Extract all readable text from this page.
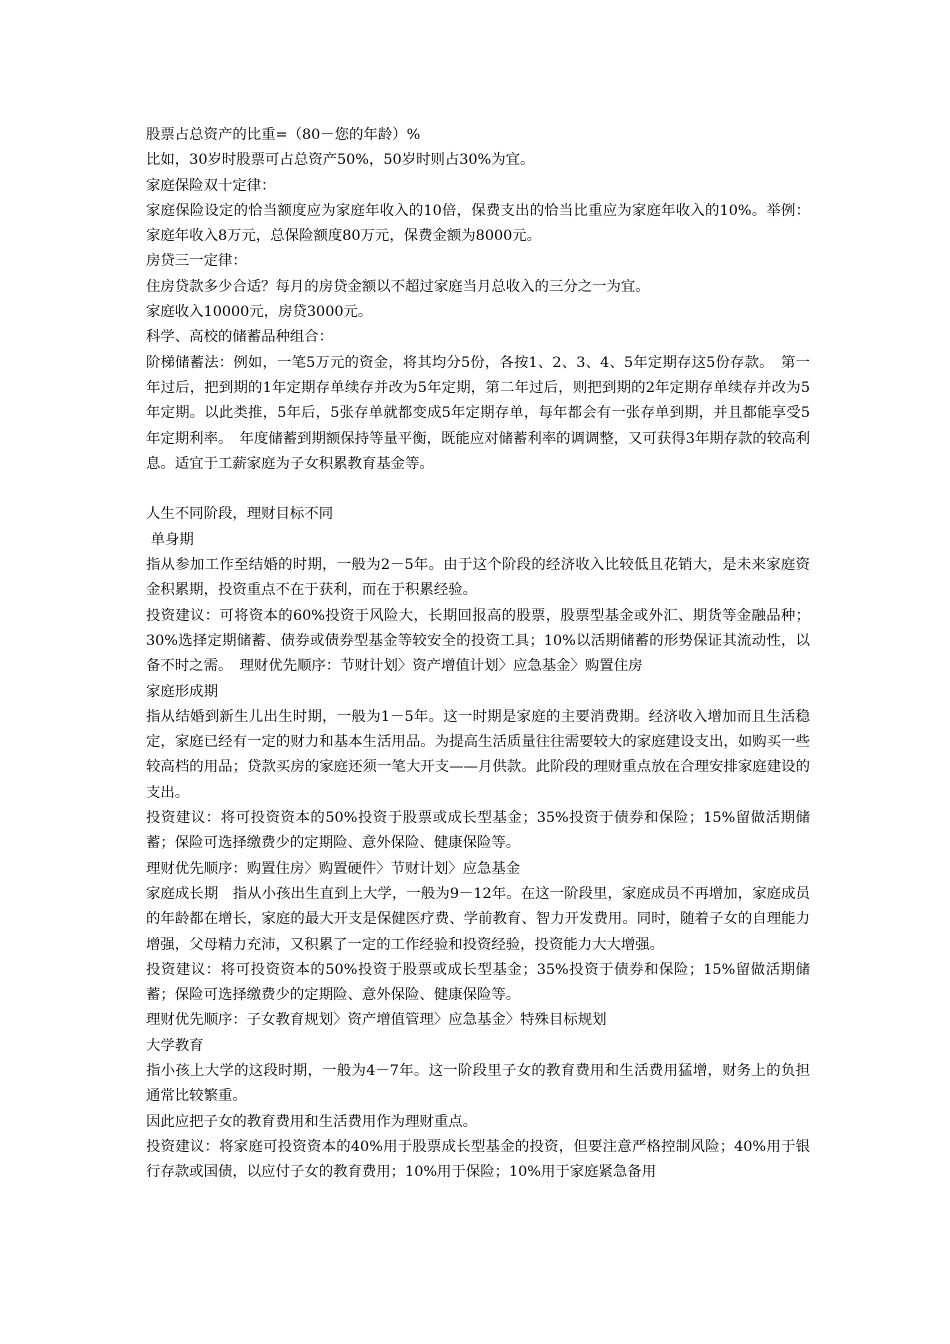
股票占总资产的比重=（80－您的年龄）%

比如，30岁时股票可占总资产50%，50岁时则占30%为宜。

家庭保险双十定律：

家庭保险设定的恰当额度应为家庭年收入的10倍，保费支出的恰当比重应为家庭年收入的10%。举例：家庭年收入8万元，总保险额度80万元，保费金额为8000元。

房贷三一定律：

住房贷款多少合适？每月的房贷金额以不超过家庭当月总收入的三分之一为宜。

家庭收入10000元，房贷3000元。

科学、高校的储蓄品种组合：

阶梯储蓄法：例如，一笔5万元的资金，将其均分5份，各按1、2、3、4、5年定期存这5份存款。　第一年过后，把到期的1年定期存单续存并改为5年定期，第二年过后，则把到期的2年定期存单续存并改为5年定期。以此类推，5年后，5张存单就都变成5年定期存单，每年都会有一张存单到期，并且都能享受5年定期利率。　年度储蓄到期额保持等量平衡，既能应对储蓄利率的调调整，又可获得3年期存款的较高利息。适宜于工薪家庭为子女积累教育基金等。

人生不同阶段，理财目标不同

单身期

指从参加工作至结婚的时期，一般为2－5年。由于这个阶段的经济收入比较低且花销大，是未来家庭资金积累期，投资重点不在于获利，而在于积累经验。

投资建议：可将资本的60%投资于风险大，长期回报高的股票，股票型基金或外汇、期货等金融品种；30%选择定期储蓄、债券或债券型基金等较安全的投资工具；10%以活期储蓄的形势保证其流动性，以备不时之需。　理财优先顺序：节财计划〉资产增值计划〉应急基金〉购置住房

家庭形成期

指从结婚到新生儿出生时期，一般为1－5年。这一时期是家庭的主要消费期。经济收入增加而且生活稳定，家庭已经有一定的财力和基本生活用品。为提高生活质量往往需要较大的家庭建设支出，如购买一些较高档的用品；贷款买房的家庭还须一笔大开支——月供款。此阶段的理财重点放在合理安排家庭建设的支出。

投资建议：将可投资资本的50%投资于股票或成长型基金；35%投资于债券和保险；15%留做活期储蓄；保险可选择缴费少的定期险、意外保险、健康保险等。

理财优先顺序：购置住房〉购置硬件〉节财计划〉应急基金

家庭成长期　指从小孩出生直到上大学，一般为9－12年。在这一阶段里，家庭成员不再增加，家庭成员的年龄都在增长，家庭的最大开支是保健医疗费、学前教育、智力开发费用。同时，随着子女的自理能力增强，父母精力充沛，又积累了一定的工作经验和投资经验，投资能力大大增强。

投资建议：将可投资资本的50%投资于股票或成长型基金；35%投资于债券和保险；15%留做活期储蓄；保险可选择缴费少的定期险、意外保险、健康保险等。

理财优先顺序：子女教育规划〉资产增值管理〉应急基金〉特殊目标规划

大学教育

指小孩上大学的这段时期，一般为4－7年。这一阶段里子女的教育费用和生活费用猛增，财务上的负担通常比较繁重。

因此应把子女的教育费用和生活费用作为理财重点。

投资建议：将家庭可投资资本的40%用于股票成长型基金的投资，但要注意严格控制风险；40%用于银行存款或国债，以应付子女的教育费用；10%用于保险；10%用于家庭紧急备用
